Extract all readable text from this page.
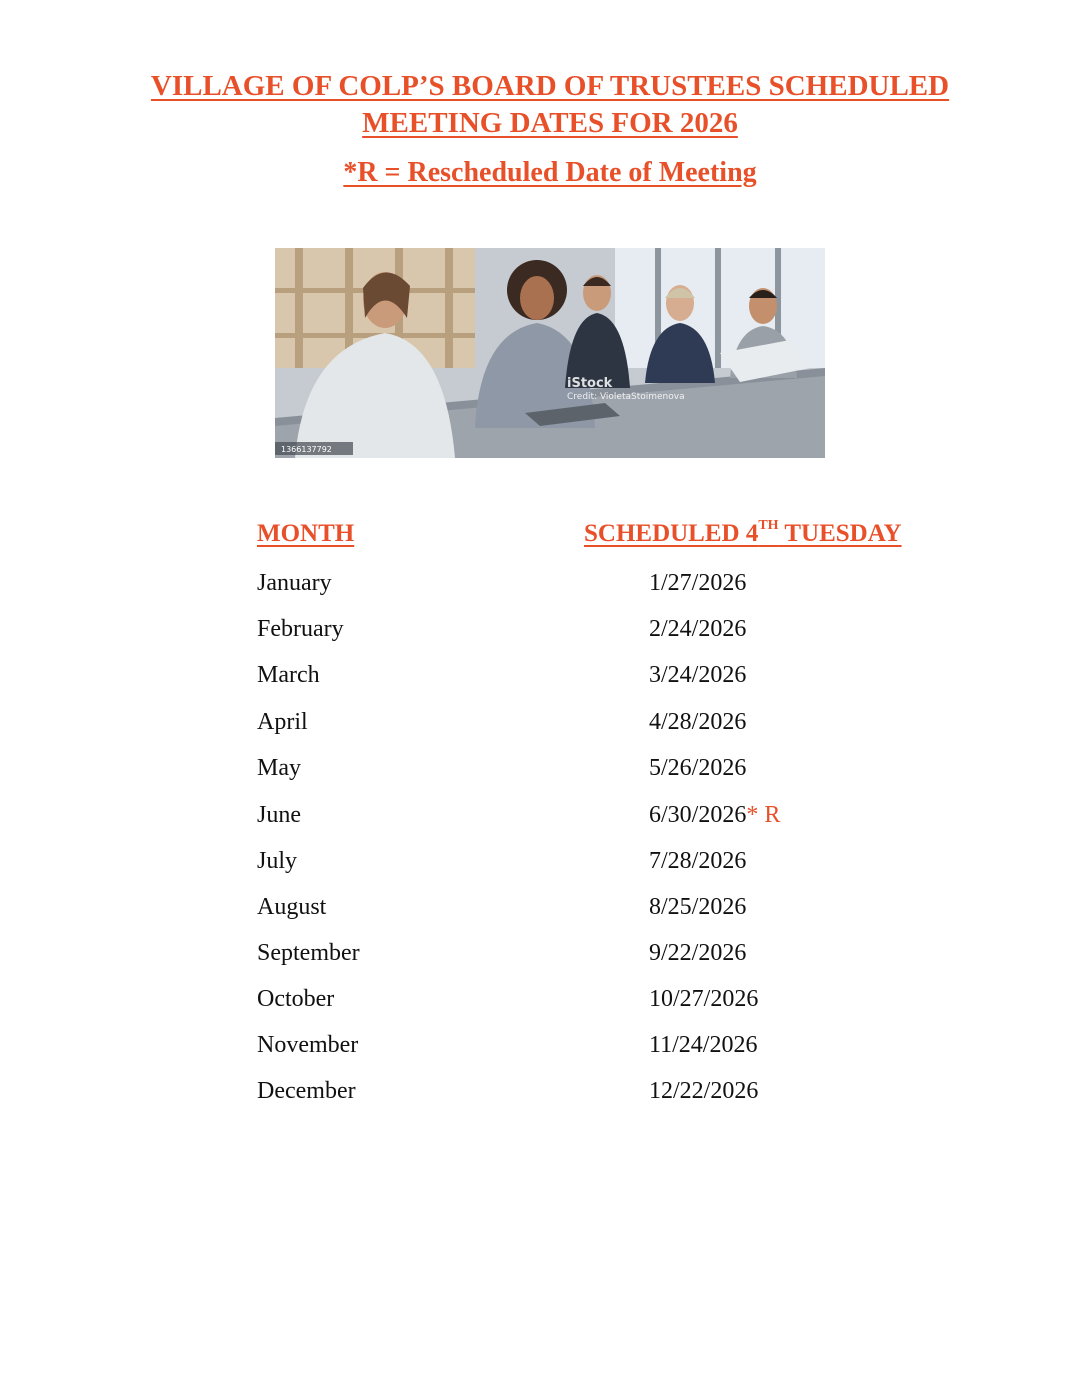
VILLAGE OF COLP’S BOARD OF TRUSTEES SCHEDULED
MEETING DATES FOR 2026
*R = Rescheduled Date of Meeting
iStock
Credit: VioletaStoimenova
1366137792
MONTH	SCHEDULED 4TH TUESDAY
January	1/27/2026
February	2/24/2026
March	3/24/2026
April	4/28/2026
May	5/26/2026
June	6/30/2026* R
July	7/28/2026
August	8/25/2026
September	9/22/2026
October	10/27/2026
November	11/24/2026
December	12/22/2026
